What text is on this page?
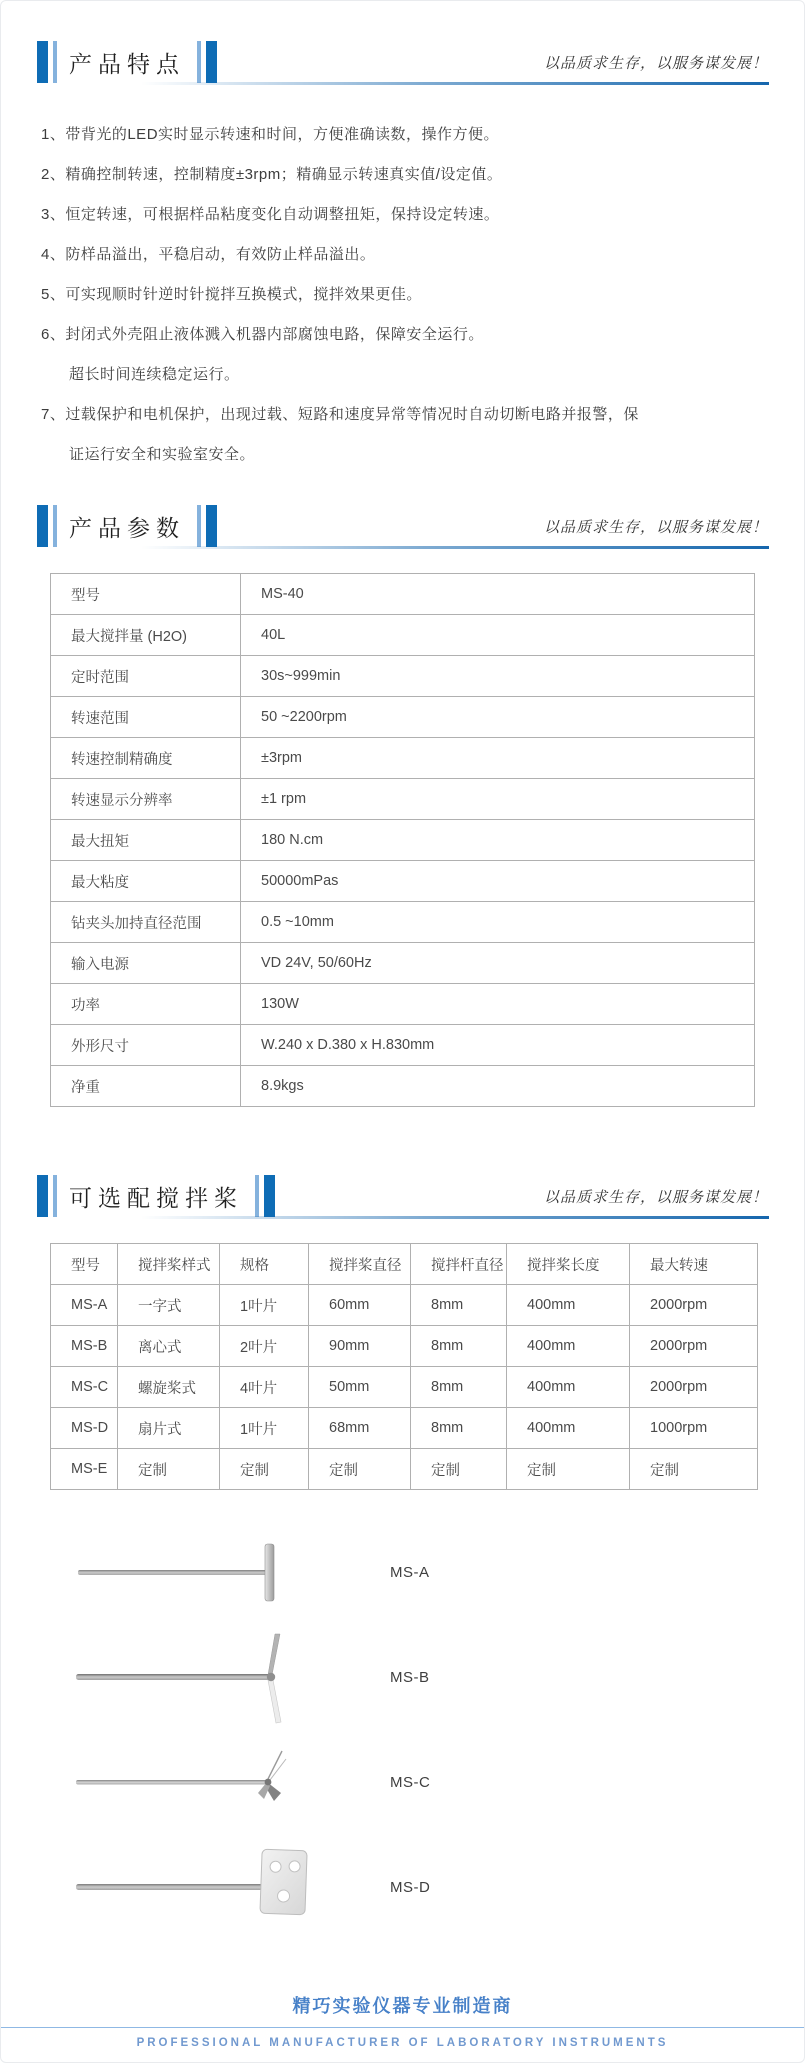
产品特点	以品质求生存，以服务谋发展！

1、带背光的LED实时显示转速和时间，方便准确读数，操作方便。

2、精确控制转速，控制精度±3rpm；精确显示转速真实值/设定值。

3、恒定转速，可根据样品粘度变化自动调整扭矩，保持设定转速。

4、防样品溢出，平稳启动，有效防止样品溢出。

5、可实现顺时针逆时针搅拌互换模式，搅拌效果更佳。

6、封闭式外壳阻止液体溅入机器内部腐蚀电路，保障安全运行。

超长时间连续稳定运行。

7、过载保护和电机保护，出现过载、短路和速度异常等情况时自动切断电路并报警，保

证运行安全和实验室安全。

产品参数	以品质求生存，以服务谋发展！
型号	MS-40
最大搅拌量 (H2O)	40L
定时范围	30s~999min
转速范围	50 ~2200rpm
转速控制精确度	±3rpm
转速显示分辨率	±1 rpm
最大扭矩	180 N.cm
最大粘度	50000mPas
钻夹头加持直径范围	0.5 ~10mm
输入电源	VD 24V, 50/60Hz
功率	130W
外形尺寸	W.240 x D.380 x H.830mm
净重	8.9kgs
可选配搅拌桨	以品质求生存，以服务谋发展！
型号	搅拌桨样式	规格	搅拌桨直径	搅拌杆直径	搅拌桨长度	最大转速
MS-A	一字式	1叶片	60mm	8mm	400mm	2000rpm
MS-B	离心式	2叶片	90mm	8mm	400mm	2000rpm
MS-C	螺旋桨式	4叶片	50mm	8mm	400mm	2000rpm
MS-D	扇片式	1叶片	68mm	8mm	400mm	1000rpm
MS-E	定制	定制	定制	定制	定制	定制
MS-A
MS-B
MS-C
MS-D

精巧实验仪器专业制造商

PROFESSIONAL MANUFACTURER OF LABORATORY INSTRUMENTS
